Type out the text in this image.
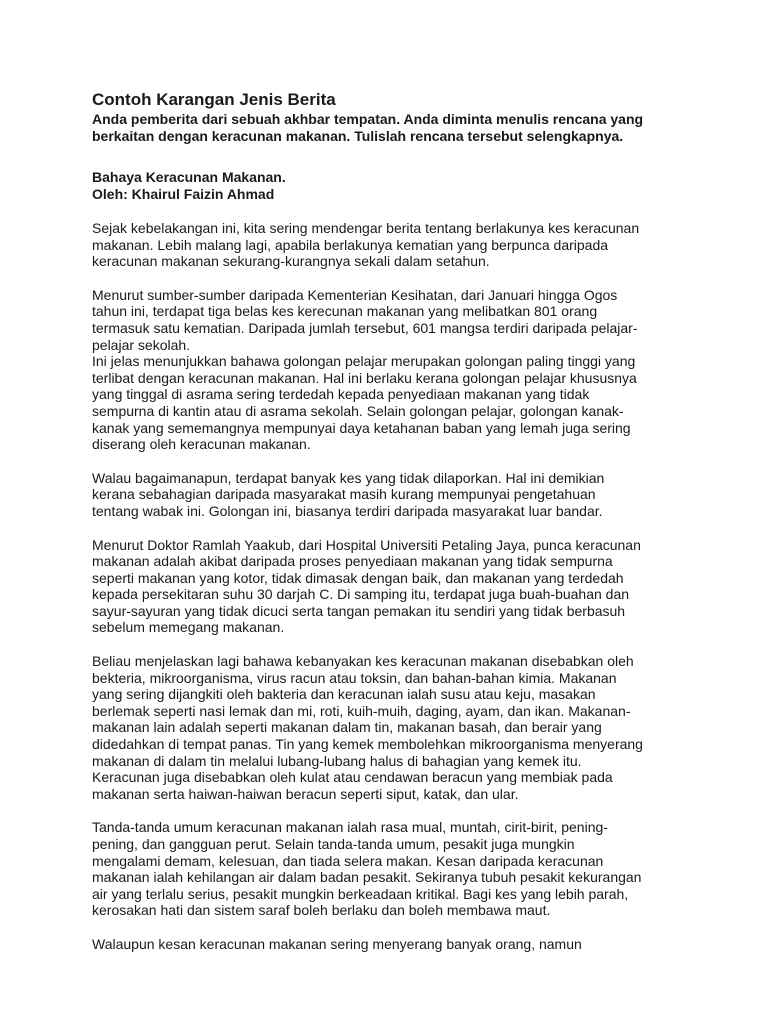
Contoh Karangan Jenis Berita
Anda pemberita dari sebuah akhbar tempatan. Anda diminta menulis rencana yang
berkaitan dengan keracunan makanan. Tulislah rencana tersebut selengkapnya.
Bahaya Keracunan Makanan.
Oleh: Khairul Faizin Ahmad
Sejak kebelakangan ini, kita sering mendengar berita tentang berlakunya kes keracunan
makanan. Lebih malang lagi, apabila berlakunya kematian yang berpunca daripada
keracunan makanan sekurang-kurangnya sekali dalam setahun.
Menurut sumber-sumber daripada Kementerian Kesihatan, dari Januari hingga Ogos
tahun ini, terdapat tiga belas kes kerecunan makanan yang melibatkan 801 orang
termasuk satu kematian. Daripada jumlah tersebut, 601 mangsa terdiri daripada pelajar-
pelajar sekolah.
Ini jelas menunjukkan bahawa golongan pelajar merupakan golongan paling tinggi yang
terlibat dengan keracunan makanan. Hal ini berlaku kerana golongan pelajar khususnya
yang tinggal di asrama sering terdedah kepada penyediaan makanan yang tidak
sempurna di kantin atau di asrama sekolah. Selain golongan pelajar, golongan kanak-
kanak yang sememangnya mempunyai daya ketahanan baban yang lemah juga sering
diserang oleh keracunan makanan.
Walau bagaimanapun, terdapat banyak kes yang tidak dilaporkan. Hal ini demikian
kerana sebahagian daripada masyarakat masih kurang mempunyai pengetahuan
tentang wabak ini. Golongan ini, biasanya terdiri daripada masyarakat luar bandar.
Menurut Doktor Ramlah Yaakub, dari Hospital Universiti Petaling Jaya, punca keracunan
makanan adalah akibat daripada proses penyediaan makanan yang tidak sempurna
seperti makanan yang kotor, tidak dimasak dengan baik, dan makanan yang terdedah
kepada persekitaran suhu 30 darjah C. Di samping itu, terdapat juga buah-buahan dan
sayur-sayuran yang tidak dicuci serta tangan pemakan itu sendiri yang tidak berbasuh
sebelum memegang makanan.
Beliau menjelaskan lagi bahawa kebanyakan kes keracunan makanan disebabkan oleh
bekteria, mikroorganisma, virus racun atau toksin, dan bahan-bahan kimia. Makanan
yang sering dijangkiti oleh bakteria dan keracunan ialah susu atau keju, masakan
berlemak seperti nasi lemak dan mi, roti, kuih-muih, daging, ayam, dan ikan. Makanan-
makanan lain adalah seperti makanan dalam tin, makanan basah, dan berair yang
didedahkan di tempat panas. Tin yang kemek membolehkan mikroorganisma menyerang
makanan di dalam tin melalui lubang-lubang halus di bahagian yang kemek itu.
Keracunan juga disebabkan oleh kulat atau cendawan beracun yang membiak pada
makanan serta haiwan-haiwan beracun seperti siput, katak, dan ular.
Tanda-tanda umum keracunan makanan ialah rasa mual, muntah, cirit-birit, pening-
pening, dan gangguan perut. Selain tanda-tanda umum, pesakit juga mungkin
mengalami demam, kelesuan, dan tiada selera makan. Kesan daripada keracunan
makanan ialah kehilangan air dalam badan pesakit. Sekiranya tubuh pesakit kekurangan
air yang terlalu serius, pesakit mungkin berkeadaan kritikal. Bagi kes yang lebih parah,
kerosakan hati dan sistem saraf boleh berlaku dan boleh membawa maut.
Walaupun kesan keracunan makanan sering menyerang banyak orang, namun
